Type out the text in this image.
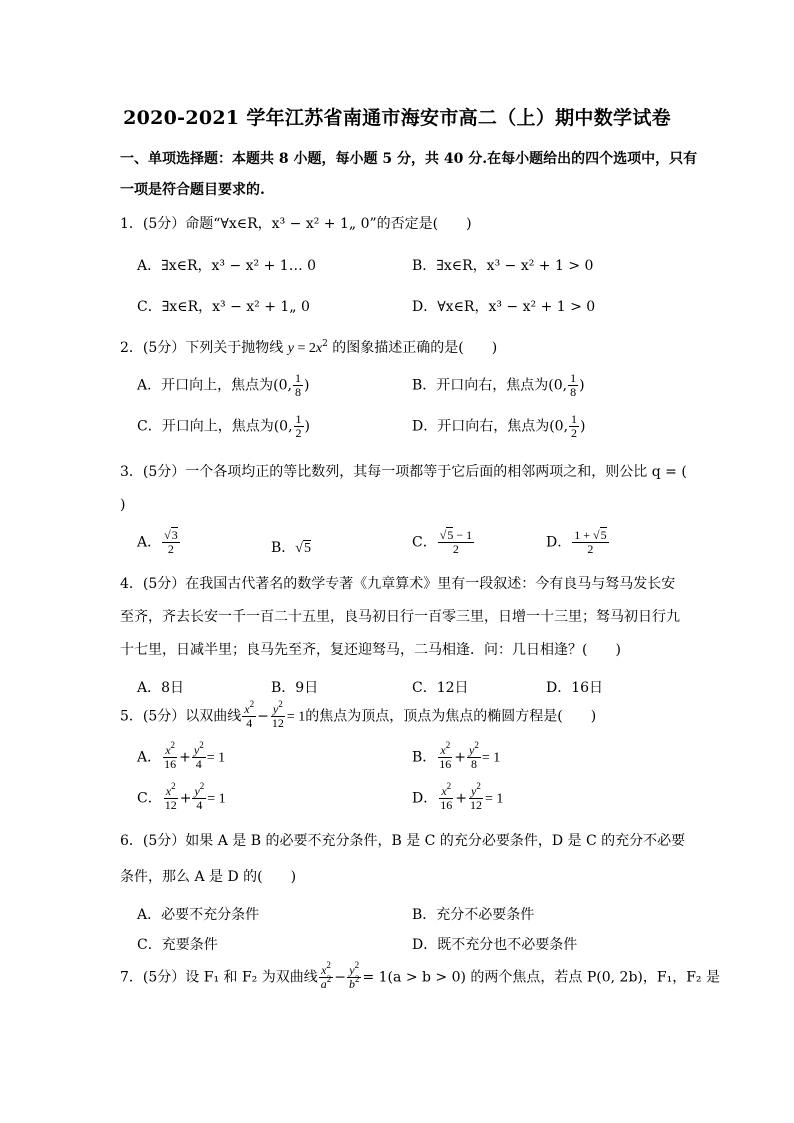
2020-2021 学年江苏省南通市海安市高二（上）期中数学试卷
一、单项选择题：本题共 8 小题，每小题 5 分，共 40 分.在每小题给出的四个选项中，只有
一项是符合题目要求的.
1．(5分）命题“∀x∈R，x³ − x² + 1„ 0”的否定是(　　)
A．∃x∈R，x³ − x² + 1… 0	B．∃x∈R，x³ − x² + 1 > 0
C．∃x∈R，x³ − x² + 1„ 0	D．∀x∈R，x³ − x² + 1 > 0
2．(5分）下列关于抛物线 $y = 2x^2$ 的图象描述正确的是(　　)
A．开口向上，焦点为(0, $\frac{1}{8}$ )	B．开口向右，焦点为(0, $\frac{1}{8}$ )
C．开口向上，焦点为(0, $\frac{1}{2}$ )	D．开口向右，焦点为(0, $\frac{1}{2}$ )
3．(5分）一个各项均正的等比数列，其每一项都等于它后面的相邻两项之和，则公比 q = (
)
A． $\frac{√3}{2}$	B．√5	C． $\frac{√5 - 1}{2}$	D． $\frac{1 + √5}{2}$
4．(5分）在我国古代著名的数学专著《九章算术》里有一段叙述：今有良马与驽马发长安
至齐，齐去长安一千一百二十五里，良马初日行一百零三里，日增一十三里；驽马初日行九
十七里，日减半里；良马先至齐，复还迎驽马，二马相逢．问：几日相逢？(　　)
A．8日	B．9日	C．12日	D．16日
5．(5分）以双曲线 $\frac{x^2}{4} - \frac{y^2}{12} = 1$的焦点为顶点，顶点为焦点的椭圆方程是(　　)
A． $\frac{x^2}{16} + \frac{y^2}{4} = 1$	B． $\frac{x^2}{16} + \frac{y^2}{8} = 1$
C． $\frac{x^2}{12} + \frac{y^2}{4} = 1$	D． $\frac{x^2}{16} + \frac{y^2}{12} = 1$
6．(5分）如果 A 是 B 的必要不充分条件，B 是 C 的充分必要条件，D 是 C 的充分不必要
条件，那么 A 是 D 的(　　)
A．必要不充分条件	B．充分不必要条件
C．充要条件	D．既不充分也不必要条件
7．(5分）设 F₁ 和 F₂ 为双曲线 $\frac{x^2}{a^2} - \frac{y^2}{b^2} = 1(a > b > 0)$ 的两个焦点，若点 P(0, 2b)，F₁，F₂ 是
